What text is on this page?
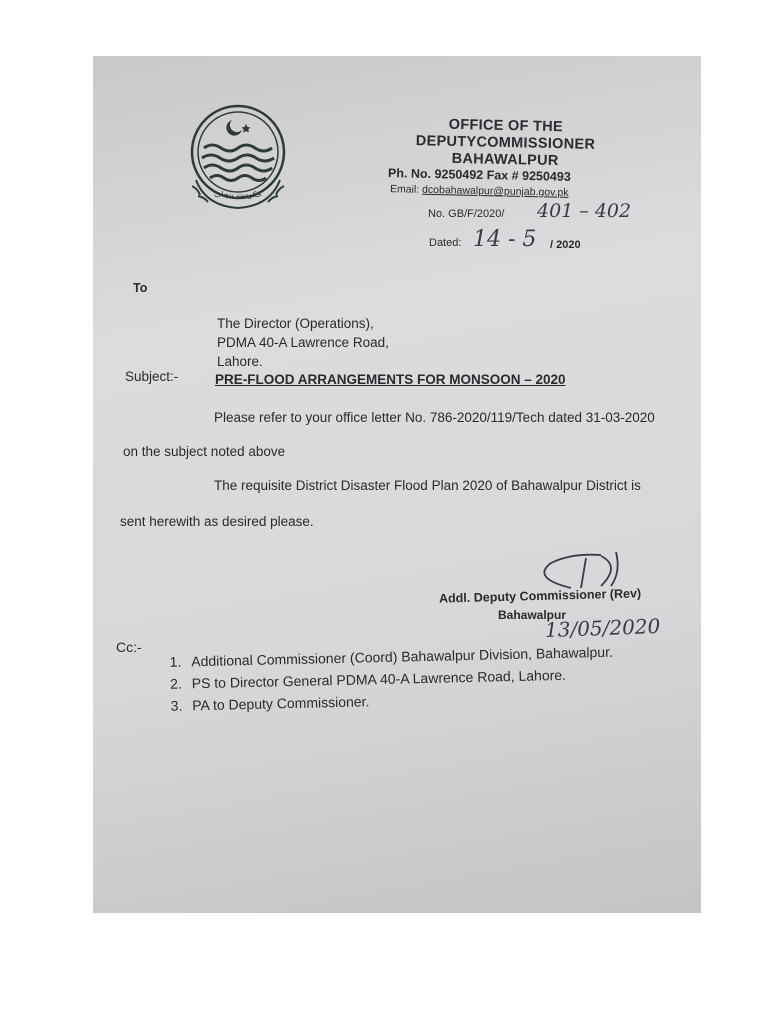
حکومتِ پنجاب
OFFICE OF THE
DEPUTYCOMMISSIONER
BAHAWALPUR
Ph. No. 9250492 Fax # 9250493
Email: dcobahawalpur@punjab.gov.pk
No. GB/F/2020/ 401 – 402
Dated: 14 - 5 / 2020
To
The Director (Operations),
PDMA 40-A Lawrence Road,
Lahore.
Subject:-	PRE-FLOOD ARRANGEMENTS FOR MONSOON – 2020
Please refer to your office letter No. 786-2020/119/Tech dated 31-03-2020
on the subject noted above
The requisite District Disaster Flood Plan 2020 of Bahawalpur District is
sent herewith as desired please.
Addl. Deputy Commissioner (Rev)
Bahawalpur
13/05/2020
Cc:-
1.	Additional Commissioner (Coord) Bahawalpur Division, Bahawalpur.
2. PS to Director General PDMA 40-A Lawrence Road, Lahore.
3. PA to Deputy Commissioner.
